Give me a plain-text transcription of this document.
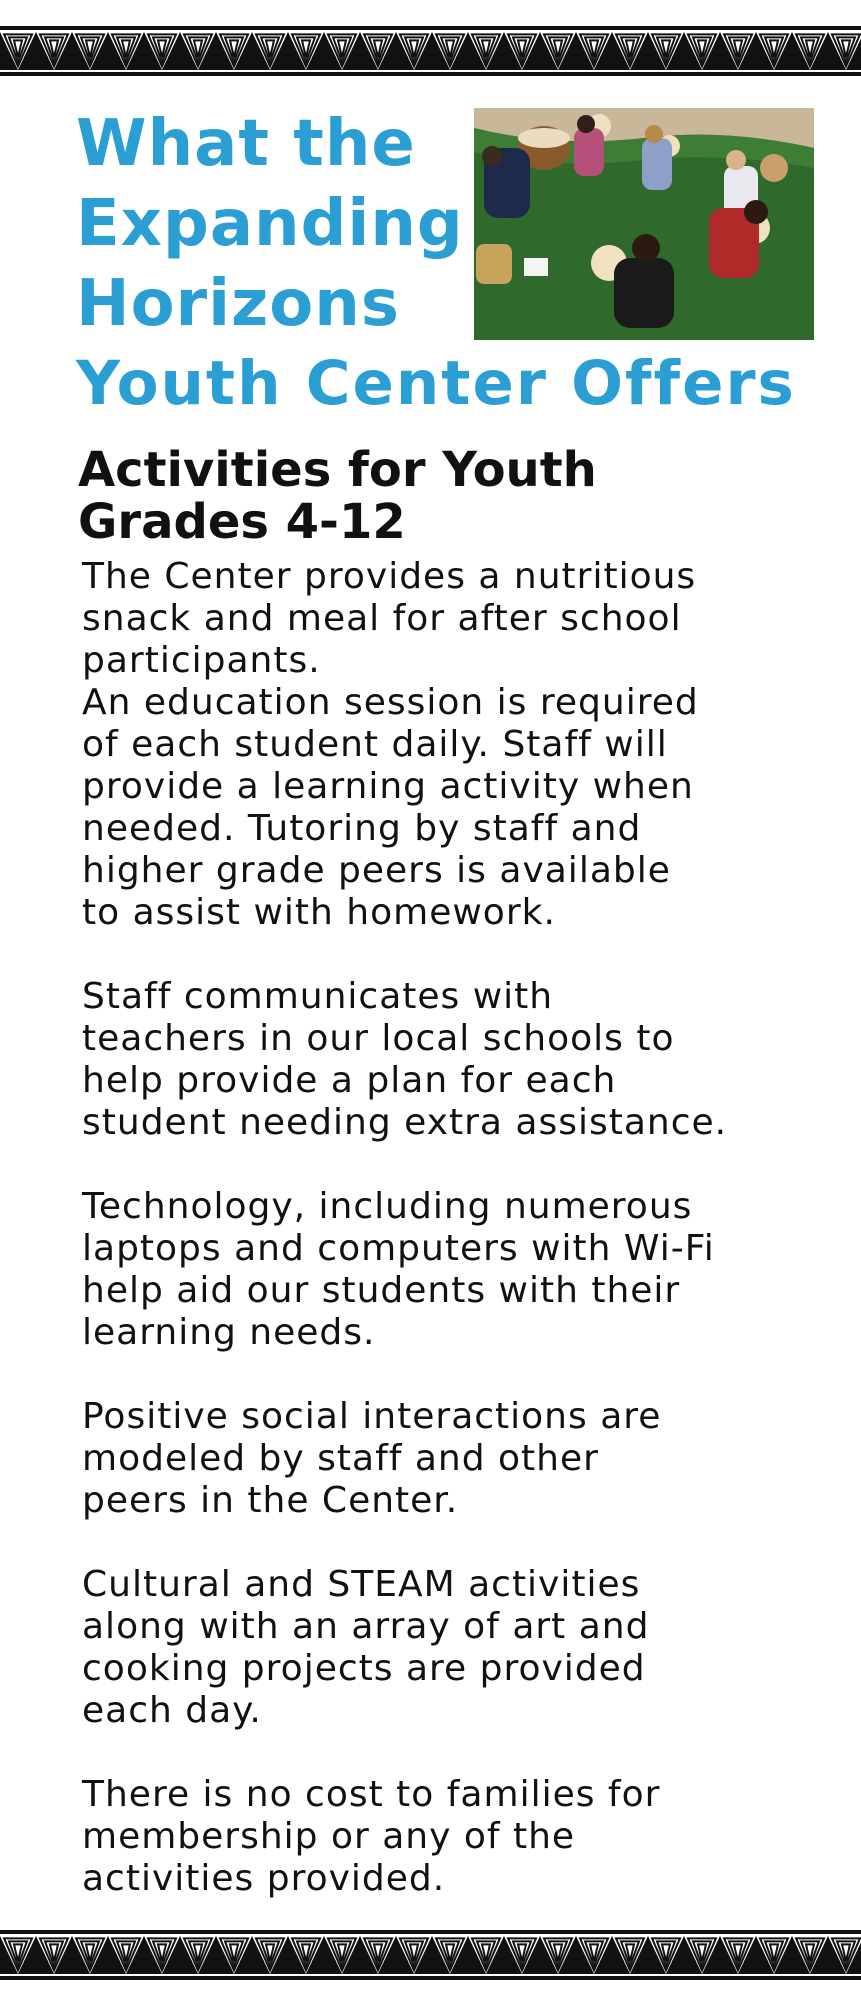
What the
Expanding
Horizons
Youth Center Offers
Activities for Youth
Grades 4-12

The Center provides a nutritious
snack and meal for after school
participants.

An education session is required
of each student daily. Staff will
provide a learning activity when
needed. Tutoring by staff and
higher grade peers is available
to assist with homework.

Staff communicates with
teachers in our local schools to
help provide a plan for each
student needing extra assistance.

Technology, including numerous
laptops and computers with Wi-Fi
help aid our students with their
learning needs.

Positive social interactions are
modeled by staff and other
peers in the Center.

Cultural and STEAM activities
along with an array of art and
cooking projects are provided
each day.

There is no cost to families for
membership or any of the
activities provided.
